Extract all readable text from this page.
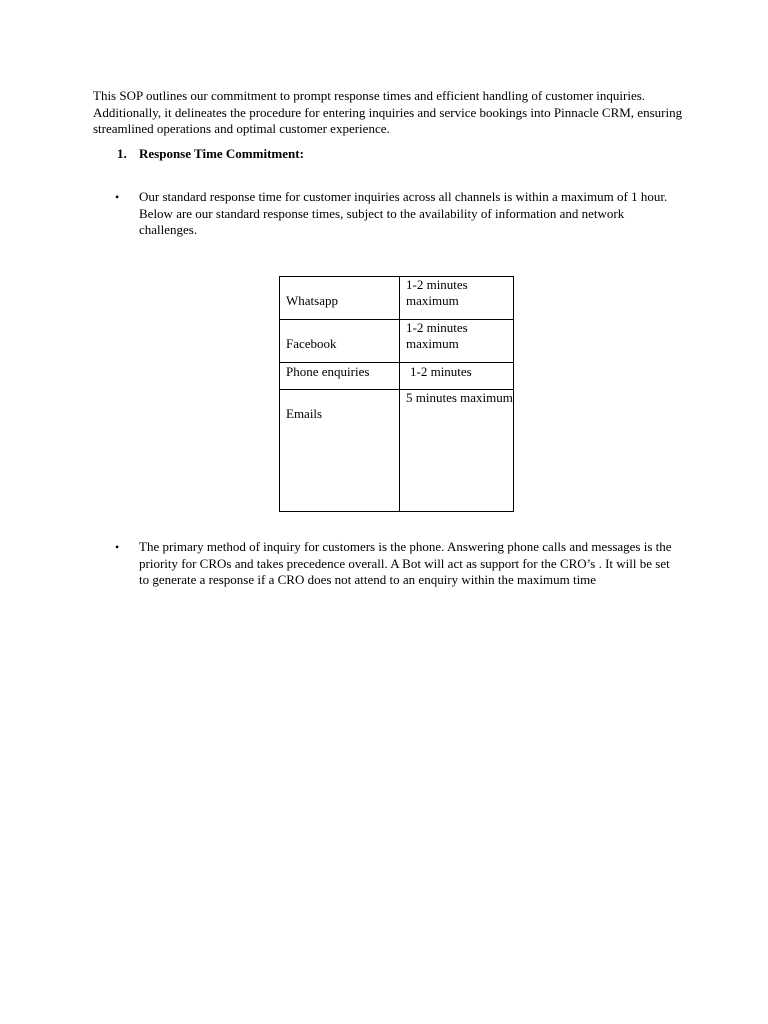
This SOP outlines our commitment to prompt response times and efficient handling of customer inquiries. Additionally, it delineates the procedure for entering inquiries and service bookings into Pinnacle CRM, ensuring streamlined operations and optimal customer experience.

1. Response Time Commitment:
•	Our standard response time for customer inquiries across all channels is within a maximum of 1 hour. Below are our standard response times, subject to the availability of information and network challenges.

Whatsapp	1-2 minutes maximum

Facebook	1-2 minutes maximum

Phone enquiries	1-2 minutes

Emails	5 minutes maximum
•	The primary method of inquiry for customers is the phone. Answering phone calls and messages is the priority for CROs and takes precedence overall. A Bot will act as support for the CRO’s . It will be set to generate a response if a CRO does not attend to an enquiry within the maximum time
